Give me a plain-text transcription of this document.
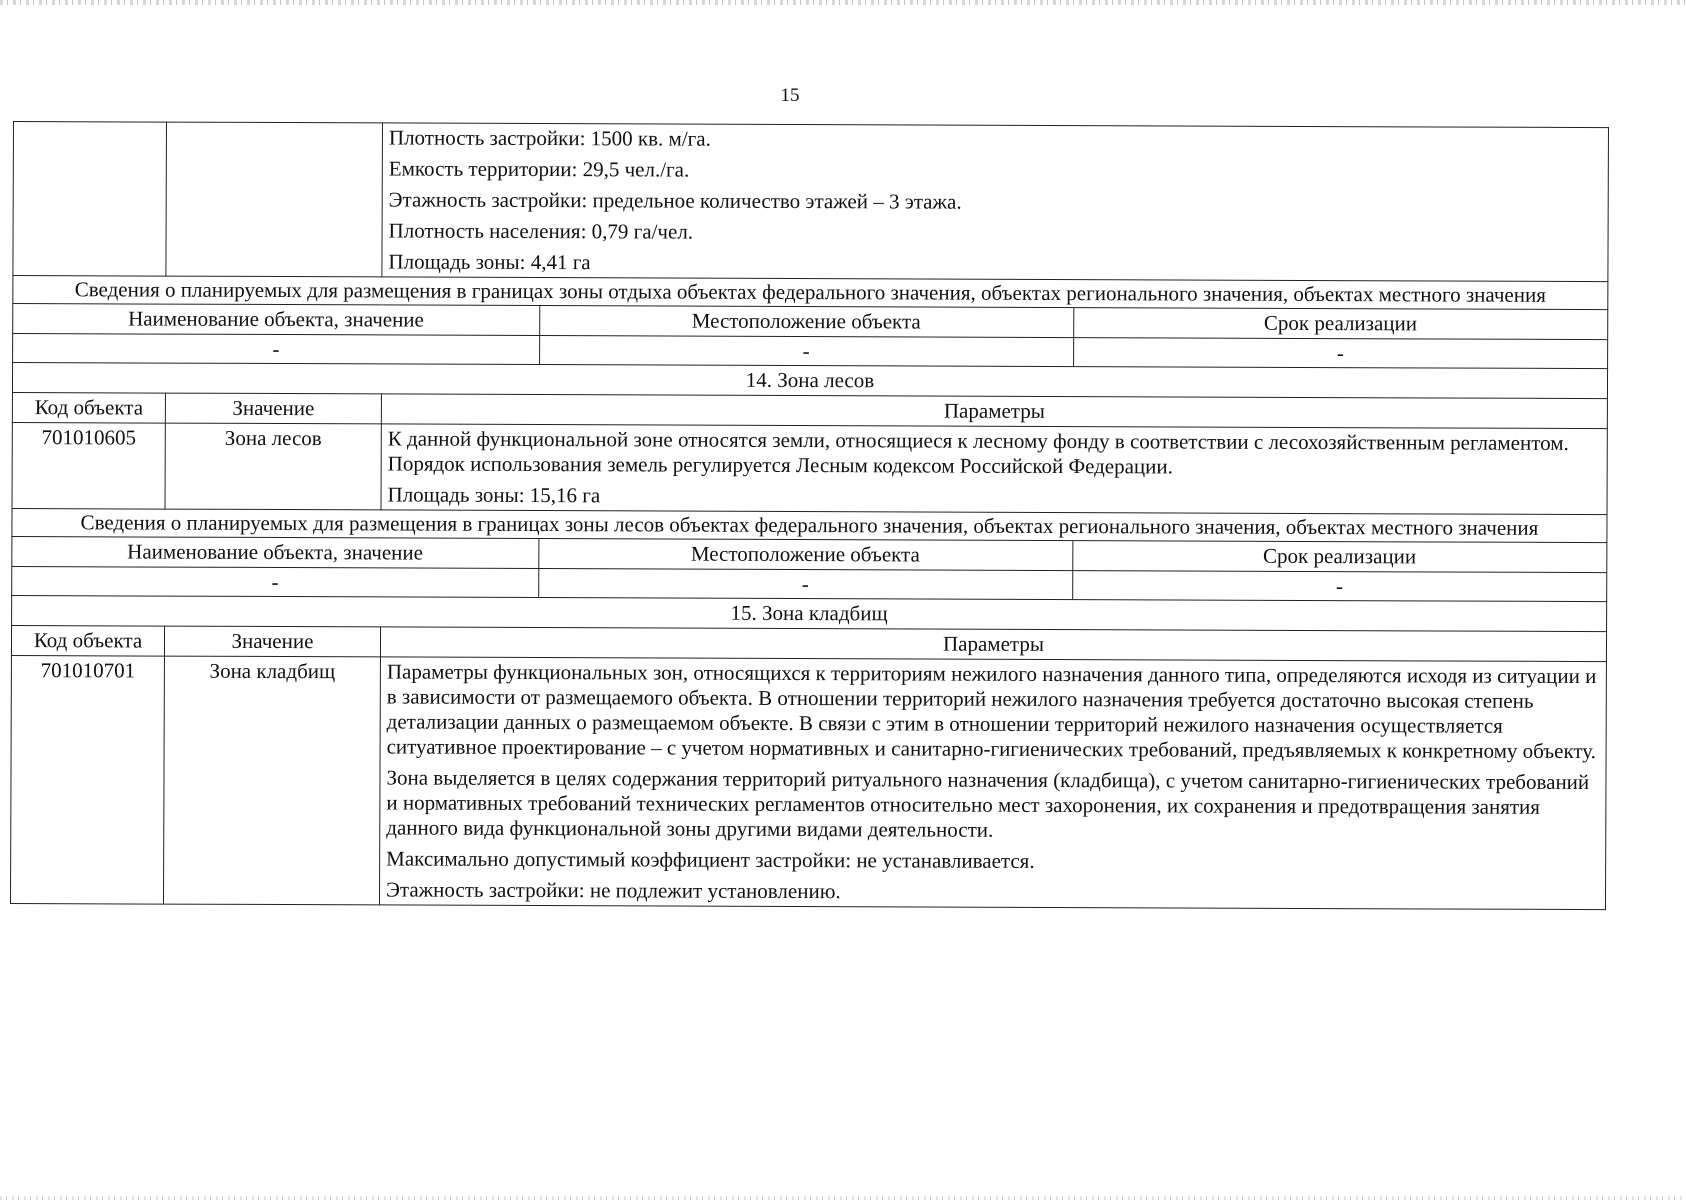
15

Плотность застройки: 1500 кв. м/га.

Емкость территории: 29,5 чел./га.

Этажность застройки: предельное количество этажей – 3 этажа.

Плотность населения: 0,79 га/чел.

Площадь зоны: 4,41 га

Сведения о планируемых для размещения в границах зоны отдыха объектах федерального значения, объектах регионального значения, объектах местного значения

Наименование объекта, значение	Местоположение объекта	Срок реализации
-	-	-

14. Зона лесов
Код объекта	Значение	Параметры
701010605	Зона лесов	К данной функциональной зоне относятся земли, относящиеся к лесному фонду в соответствии с лесохозяйственным регламентом. Порядок использования земель регулируется Лесным кодексом Российской Федерации.

Площадь зоны: 15,16 га

Сведения о планируемых для размещения в границах зоны лесов объектах федерального значения, объектах регионального значения, объектах местного значения

Наименование объекта, значение	Местоположение объекта	Срок реализации
-	-	-

15. Зона кладбищ
Код объекта	Значение	Параметры
701010701	Зона кладбищ	Параметры функциональных зон, относящихся к территориям нежилого назначения данного типа, определяются исходя из ситуации и в зависимости от размещаемого объекта. В отношении территорий нежилого назначения требуется достаточно высокая степень детализации данных о размещаемом объекте. В связи с этим в отношении территорий нежилого назначения осуществляется ситуативное проектирование – с учетом нормативных и санитарно-гигиенических требований, предъявляемых к конкретному объекту.

Зона выделяется в целях содержания территорий ритуального назначения (кладбища), с учетом санитарно-гигиенических требований и нормативных требований технических регламентов относительно мест захоронения, их сохранения и предотвращения занятия данного вида функциональной зоны другими видами деятельности.

Максимально допустимый коэффициент застройки: не устанавливается.

Этажность застройки: не подлежит установлению.
